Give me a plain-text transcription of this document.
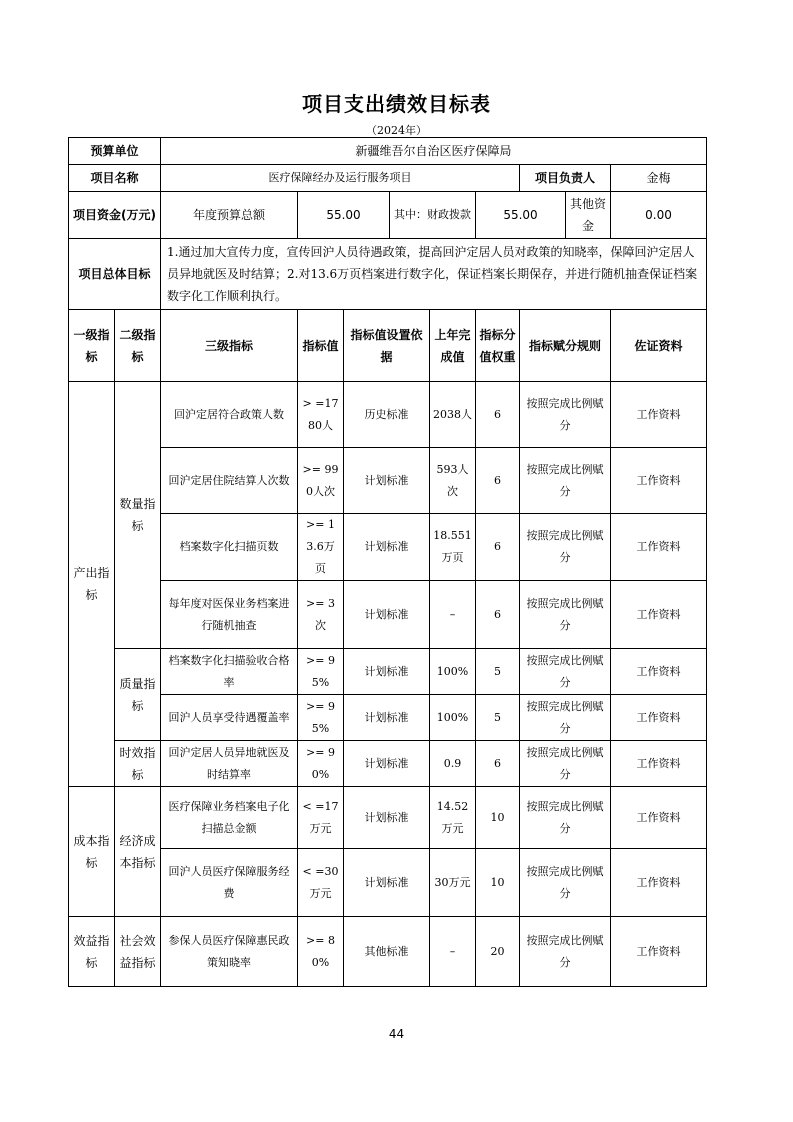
项目支出绩效目标表
（2024年）
预算单位		新疆维吾尔自治区医疗保障局								
项目名称		医疗保障经办及运行服务项目						项目负责人		金梅
项目资金(万元)		年度预算总额	55.00		其中：财政拨款		55.00		其他资金	0.00
项目总体目标		1.通过加大宣传力度，宣传回沪人员待遇政策，提高回沪定居人员对政策的知晓率，保障回沪定居人员异地就医及时结算；2.对13.6万页档案进行数字化，保证档案长期保存，并进行随机抽查保证档案数字化工作顺利执行。								
一级指标	二级指标	三级指标	指标值	指标值设置依据		上年完成值	指标分值权重	指标赋分规则		佐证资料
产出指标	数量指标	回沪定居符合政策人数	> =1780人	历史标准		2038人	6	按照完成比例赋分		工作资料
		回沪定居住院结算人次数	>= 990人次	计划标准		593人次	6	按照完成比例赋分		工作资料
		档案数字化扫描页数	>= 13.6万页	计划标准		18.551万页	6	按照完成比例赋分		工作资料
		每年度对医保业务档案进行随机抽查	>= 3次	计划标准		–	6	按照完成比例赋分		工作资料
	质量指标	档案数字化扫描验收合格率	>= 95%	计划标准		100%	5	按照完成比例赋分		工作资料
		回沪人员享受待遇覆盖率	>= 95%	计划标准		100%	5	按照完成比例赋分		工作资料
	时效指标	回沪定居人员异地就医及时结算率	>= 90%	计划标准		0.9	6	按照完成比例赋分		工作资料
成本指标	经济成本指标	医疗保障业务档案电子化扫描总金额	< =17万元	计划标准		14.52万元	10	按照完成比例赋分		工作资料
		回沪人员医疗保障服务经费	< =30万元	计划标准		30万元	10	按照完成比例赋分		工作资料
效益指标	社会效益指标	参保人员医疗保障惠民政策知晓率	>= 80%	其他标准		–	20	按照完成比例赋分		工作资料
44
